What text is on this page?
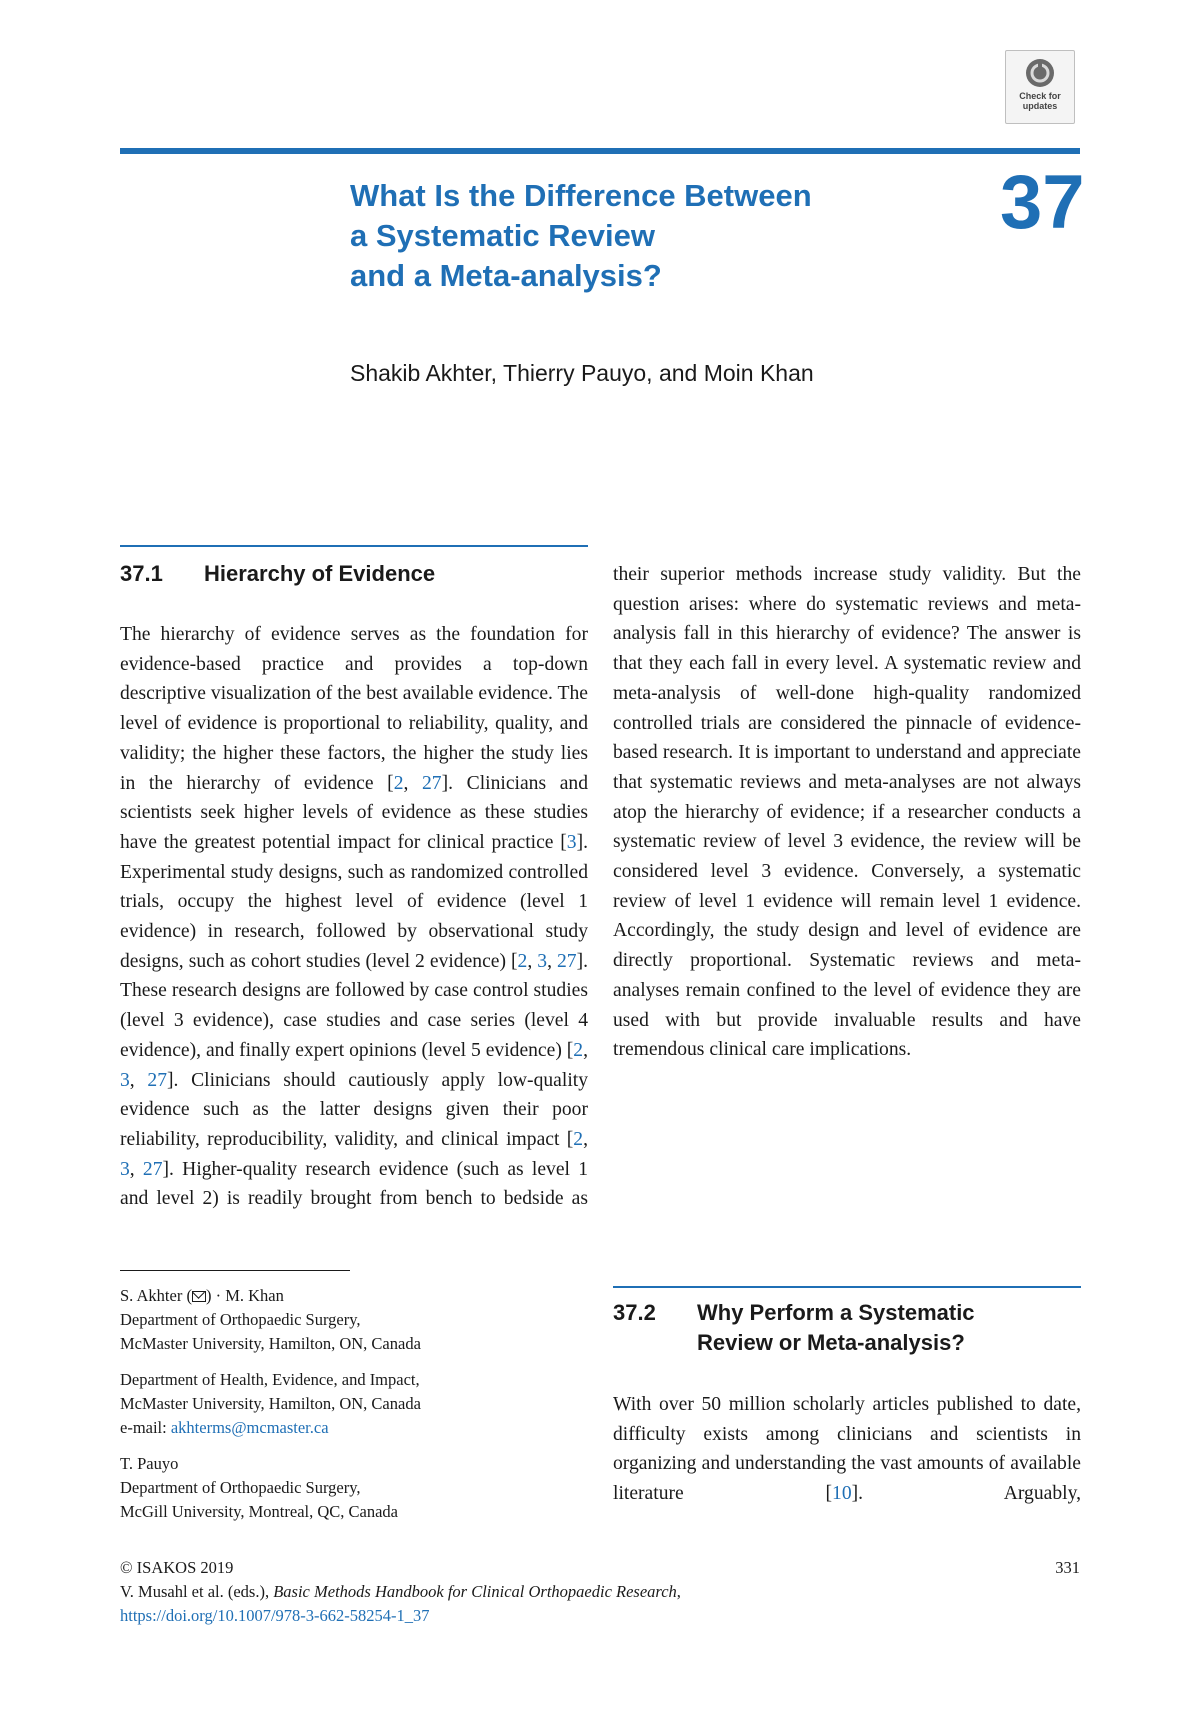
Check for updates
What Is the Difference Between
a Systematic Review
and a Meta-analysis?
37

Shakib Akhter, Thierry Pauyo, and Moin Khan

37.1 Hierarchy of Evidence

The hierarchy of evidence serves as the foundation for evidence-based practice and provides a top-down descriptive visualization of the best available evidence. The level of evidence is proportional to reliability, quality, and validity; the higher these factors, the higher the study lies in the hierarchy of evidence [2, 27]. Clinicians and scientists seek higher levels of evidence as these studies have the greatest potential impact for clinical practice [3]. Experimental study designs, such as randomized controlled trials, occupy the highest level of evidence (level 1 evidence) in research, followed by observational study designs, such as cohort studies (level 2 evidence) [2, 3, 27]. These research designs are followed by case control studies (level 3 evidence), case studies and case series (level 4 evidence), and finally expert opinions (level 5 evidence) [2, 3, 27]. Clinicians should cautiously apply low-quality evidence such as the latter designs given their poor reliability, reproducibility, validity, and clinical impact [2, 3, 27]. Higher-quality research evidence (such as level 1 and level 2) is readily brought from bench to bedside as

their superior methods increase study validity. But the question arises: where do systematic reviews and meta-analysis fall in this hierarchy of evidence? The answer is that they each fall in every level. A systematic review and meta-analysis of well-done high-quality randomized controlled trials are considered the pinnacle of evidence-based research. It is important to understand and appreciate that systematic reviews and meta-analyses are not always atop the hierarchy of evidence; if a researcher conducts a systematic review of level 3 evidence, the review will be considered level 3 evidence. Conversely, a systematic review of level 1 evidence will remain level 1 evidence. Accordingly, the study design and level of evidence are directly proportional. Systematic reviews and meta-analyses remain confined to the level of evidence they are used with but provide invaluable results and have tremendous clinical care implications.

37.2 Why Perform a Systematic
Review or Meta-analysis?

With over 50 million scholarly articles published to date, difficulty exists among clinicians and scientists in organizing and understanding the vast amounts of available literature [10]. Arguably,

S. Akhter ( ) · M. Khan
Department of Orthopaedic Surgery,
McMaster University, Hamilton, ON, Canada

Department of Health, Evidence, and Impact,
McMaster University, Hamilton, ON, Canada
e-mail: akhterms@mcmaster.ca

T. Pauyo
Department of Orthopaedic Surgery,
McGill University, Montreal, QC, Canada

© ISAKOS 2019	331

V. Musahl et al. (eds.), Basic Methods Handbook for Clinical Orthopaedic Research,

https://doi.org/10.1007/978-3-662-58254-1_37
